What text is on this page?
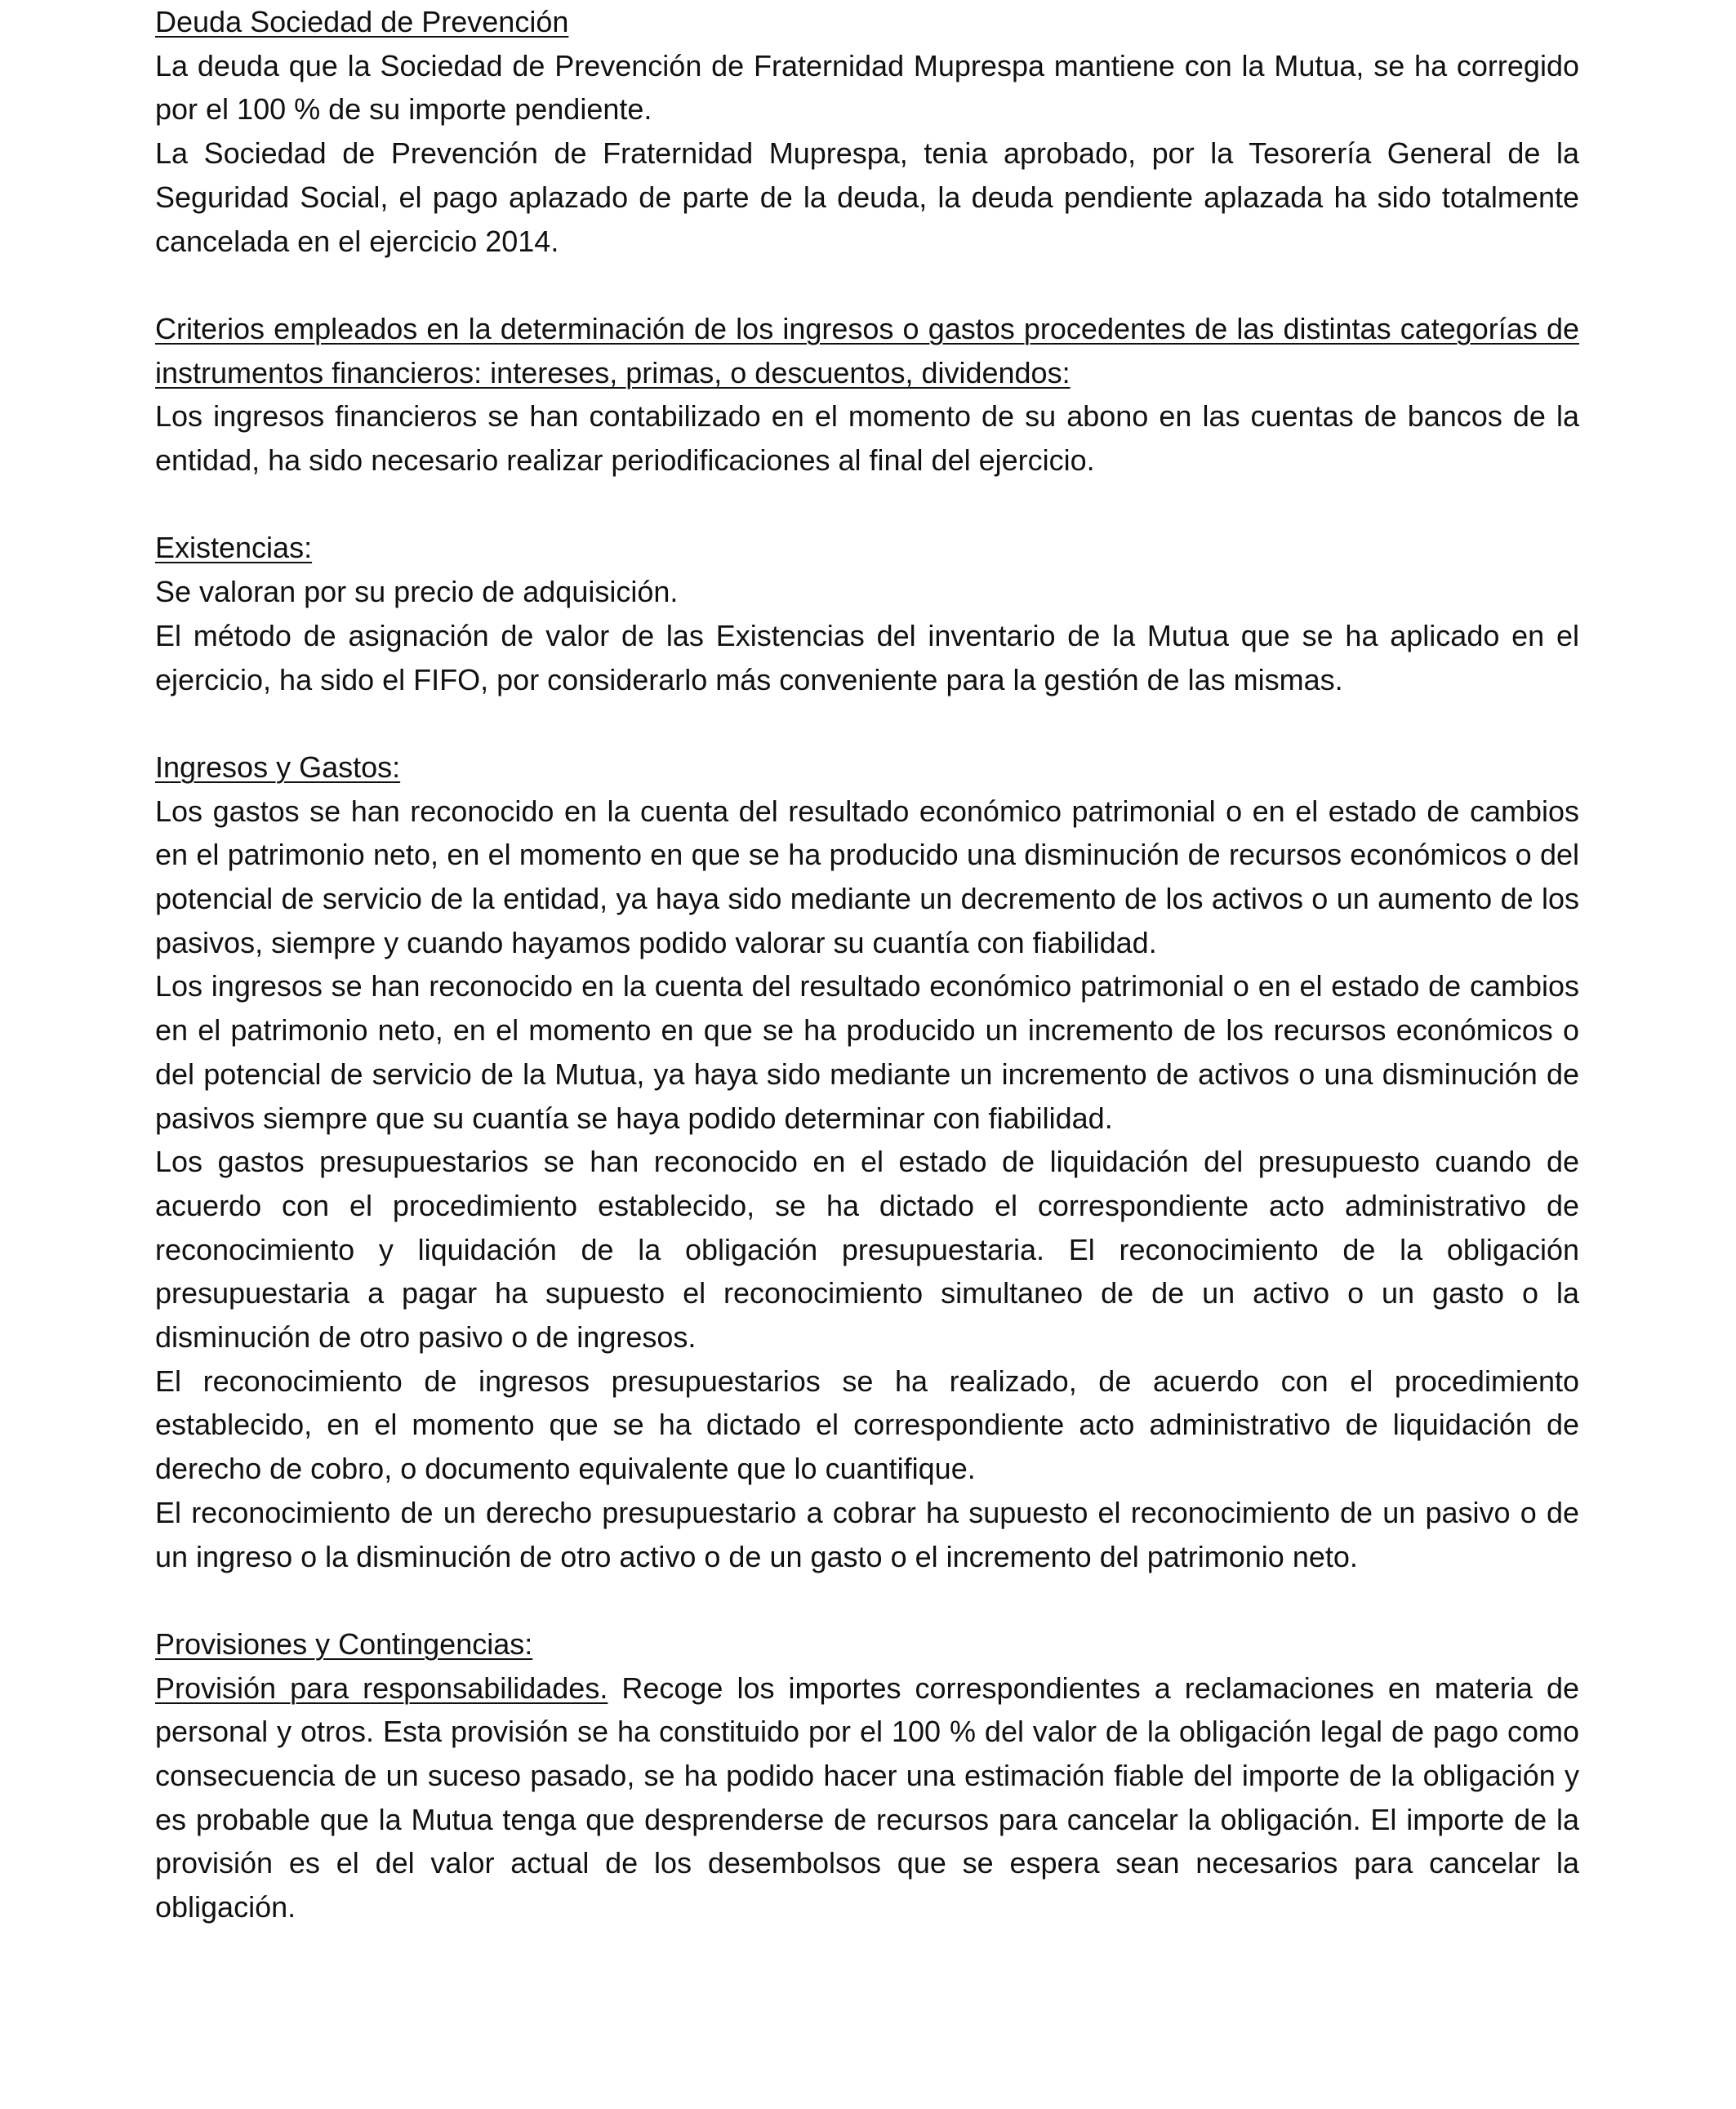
Deuda Sociedad de Prevención

La deuda que la Sociedad de Prevención de Fraternidad Muprespa mantiene con la Mutua, se ha corregido por el 100 % de su importe pendiente.

La Sociedad de Prevención de Fraternidad Muprespa, tenia aprobado, por la Tesorería General de la Seguridad Social, el pago aplazado de parte de la deuda, la deuda pendiente aplazada ha sido totalmente cancelada en el ejercicio 2014.

Criterios empleados en la determinación de los ingresos o gastos procedentes de las distintas categorías de instrumentos financieros: intereses, primas, o descuentos, dividendos:

Los ingresos financieros se han contabilizado en el momento de su abono en las cuentas de bancos de la entidad, ha sido necesario realizar periodificaciones al final del ejercicio.

Existencias:

Se valoran por su precio de adquisición.

El método de asignación de valor de las Existencias del inventario de la Mutua que se ha aplicado en el ejercicio, ha sido el FIFO, por considerarlo más conveniente para la gestión de las mismas.

Ingresos y Gastos:

Los gastos se han reconocido en la cuenta del resultado económico patrimonial o en el estado de cambios en el patrimonio neto, en el momento en que se ha producido una disminución de recursos económicos o del potencial de servicio de la entidad, ya haya sido mediante un decremento de los activos o un aumento de los pasivos, siempre y cuando hayamos podido valorar su cuantía con fiabilidad.

Los ingresos se han reconocido en la cuenta del resultado económico patrimonial o en el estado de cambios en el patrimonio neto, en el momento en que se ha producido un incremento de los recursos económicos o del potencial de servicio de la Mutua, ya haya sido mediante un incremento de activos o una disminución de pasivos siempre que su cuantía se haya podido determinar con fiabilidad.

Los gastos presupuestarios se han reconocido en el estado de liquidación del presupuesto cuando de acuerdo con el procedimiento establecido, se ha dictado el correspondiente acto administrativo de reconocimiento y liquidación de la obligación presupuestaria. El reconocimiento de la obligación presupuestaria a pagar ha supuesto el reconocimiento simultaneo de de un activo o un gasto o la disminución de otro pasivo o de ingresos.

El reconocimiento de ingresos presupuestarios se ha realizado, de acuerdo con el procedimiento establecido, en el momento que se ha dictado el correspondiente acto administrativo de liquidación de derecho de cobro, o documento equivalente que lo cuantifique.

El reconocimiento de un derecho presupuestario a cobrar ha supuesto el reconocimiento de un pasivo o de un ingreso o la disminución de otro activo o de un gasto o el incremento del patrimonio neto.

Provisiones y Contingencias:

Provisión para responsabilidades. Recoge los importes correspondientes a reclamaciones en materia de personal y otros. Esta provisión se ha constituido por el 100 % del valor de la obligación legal de pago como consecuencia de un suceso pasado, se ha podido hacer una estimación fiable del importe de la obligación y es probable que la Mutua tenga que desprenderse de recursos para cancelar la obligación. El importe de la provisión es el del valor actual de los desembolsos que se espera sean necesarios para cancelar la obligación.
